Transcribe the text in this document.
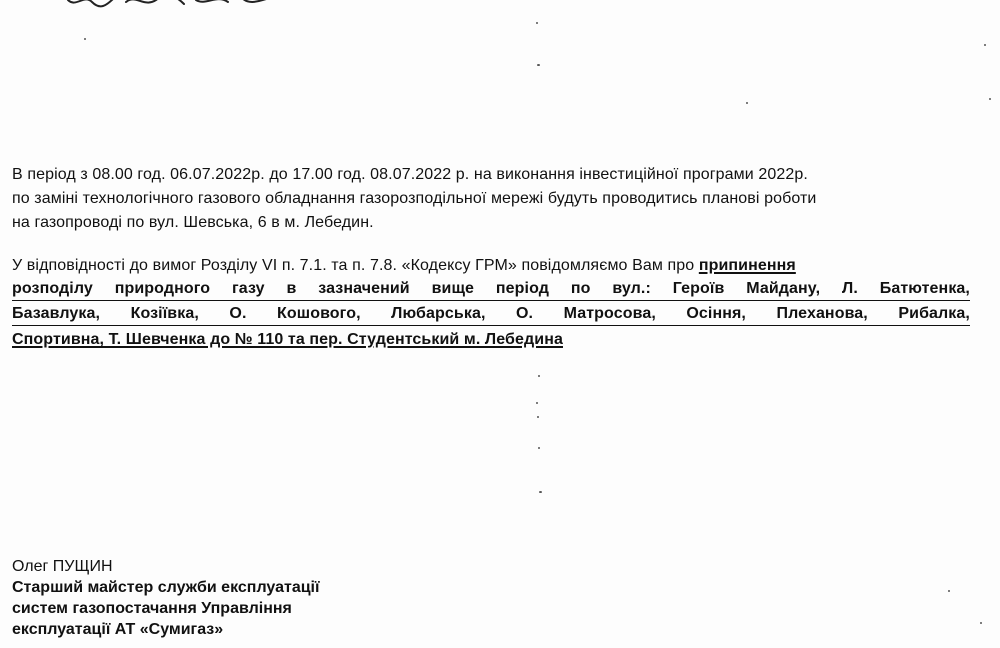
В період з 08.00 год. 06.07.2022р. до 17.00 год. 08.07.2022 р. на виконання інвестиційної програми 2022р.
по заміні технологічного газового обладнання газорозподільної мережі будуть проводитись планові роботи
на газопроводі по вул. Шевська, 6 в м. Лебедин.
У відповідності до вимог Розділу VI п. 7.1. та п. 7.8. «Кодексу ГРМ» повідомляємо Вам про припинення
розподілу природного газу в зазначений вище період по вул.: Героїв Майдану, Л. Батютенка,
Базавлука, Козіївка, О. Кошового, Любарська, О. Матросова, Осіння, Плеханова, Рибалка,
Спортивна, Т. Шевченка до № 110 та пер. Студентський м. Лебедина
Олег ПУЩИН
Старший майстер служби експлуатації
систем газопостачання Управління
експлуатації АТ «Сумигаз»
